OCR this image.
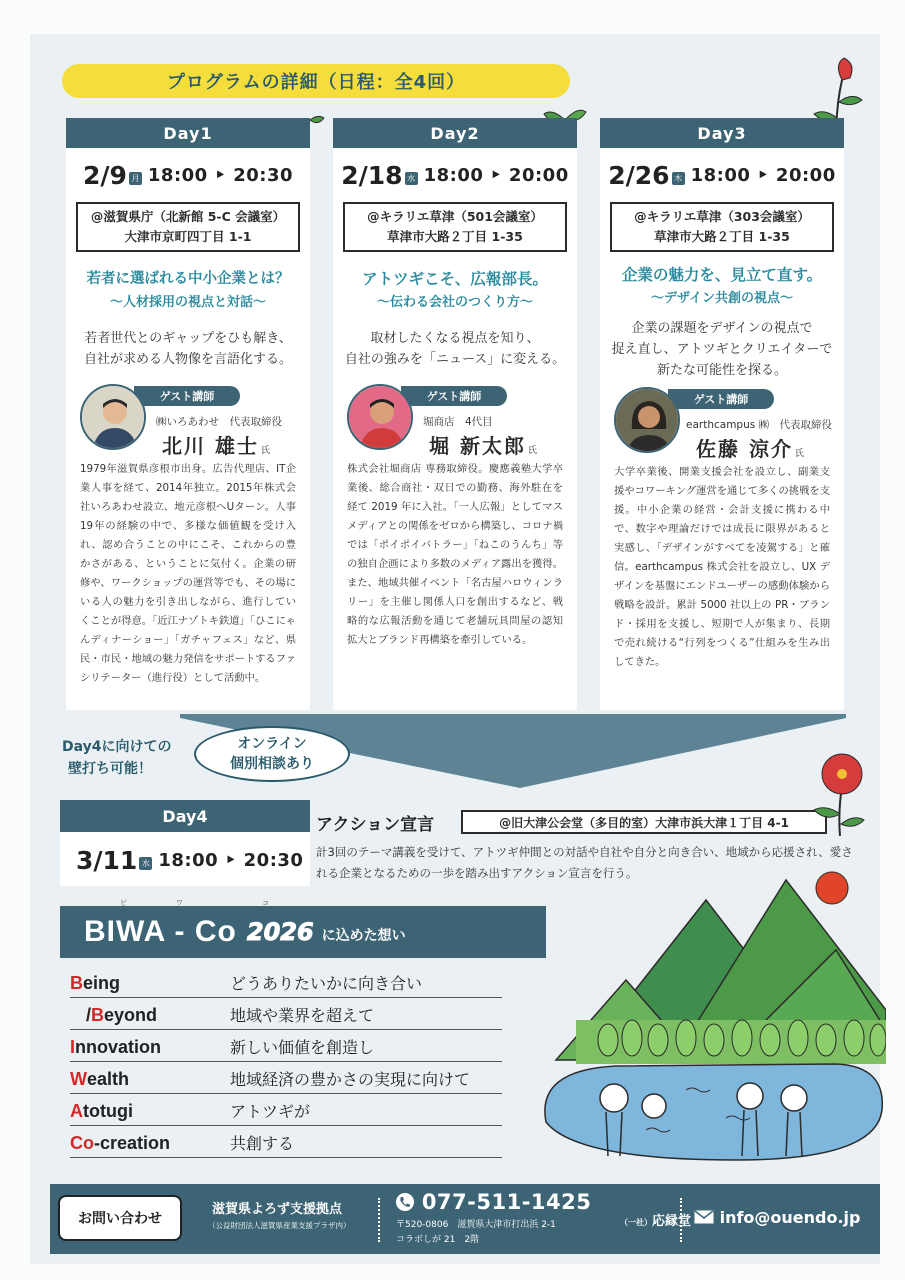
プログラムの詳細（日程：全4回）
Day1
2/9 月 18:00 ‣ 20:30
@滋賀県庁（北新館 5-C 会議室）
大津市京町四丁目 1-1
若者に選ばれる中小企業とは？
～人材採用の視点と対話～
若者世代とのギャップをひも解き、
自社が求める人物像を言語化する。
ゲスト講師
㈱いろあわせ　代表取締役
北川 雄士 氏
1979年滋賀県彦根市出身。広告代理店、IT企業人事を経て、2014年独立。2015年株式会社いろあわせ設立、地元彦根へUターン。人事19年の経験の中で、多様な価値観を受け入れ、認め合うことの中にこそ、これからの豊かさがある、ということに気付く。企業の研修や、ワークショップの運営等でも、その場にいる人の魅力を引き出しながら、進行していくことが得意。「近江ナゾトキ鉄道」「ひこにゃんディナーショー」「ガチャフェス」など、県民・市民・地域の魅力発信をサポートするファシリテーター（進行役）として活動中。
Day2
2/18 水 18:00 ‣ 20:00
@キラリエ草津（501会議室）
草津市大路２丁目 1-35
アトツギこそ、広報部長。
～伝わる会社のつくり方～
取材したくなる視点を知り、
自社の強みを「ニュース」に変える。
ゲスト講師
堀商店　4代目
堀 新太郎 氏
株式会社堀商店 専務取締役。慶應義塾大学卒業後、総合商社・双日での勤務、海外駐在を経て 2019 年に入社。「一人広報」としてマスメディアとの関係をゼロから構築し、コロナ禍では「ポイポイバトラー」「ねこのうんち」等の独自企画により多数のメディア露出を獲得。また、地域共催イベント「名古屋ハロウィンラリー」を主催し関係人口を創出するなど、戦略的な広報活動を通じて老舗玩具問屋の認知拡大とブランド再構築を牽引している。
Day3
2/26 木 18:00 ‣ 20:00
@キラリエ草津（303会議室）
草津市大路２丁目 1-35
企業の魅力を、見立て直す。
～デザイン共創の視点～
企業の課題をデザインの視点で
捉え直し、アトツギとクリエイターで
新たな可能性を探る。
ゲスト講師
earthcampus ㈱　代表取締役
佐藤 涼介 氏
大学卒業後、開業支援会社を設立し、副業支援やコワーキング運営を通じて多くの挑戦を支援。中小企業の経営・会計支援に携わる中で、数字や理論だけでは成長に限界があると実感し、「デザインがすべてを凌駕する」と確信。earthcampus 株式会社を設立し、UX デザインを基盤にエンドユーザーの感動体験から戦略を設計。累計 5000 社以上の PR・ブランド・採用を支援し、短期で人が集まり、長期で売れ続ける“行列をつくる”仕組みを生み出してきた。
Day4に向けての
壁打ち可能！
オンライン
個別相談あり
Day4
3/11 水 18:00 ‣ 20:30
アクション宣言	@旧大津公会堂（多目的室）大津市浜大津１丁目 4-1
計3回のテーマ講義を受けて、アトツギ仲間との対話や自社や自分と向き合い、地域から応援され、愛される企業となるための一歩を踏み出すアクション宣言を行う。
BIWA - Co 2026 に込めた想い
ビ	ワ	コ
Being	どうありたいかに向き合い
/Beyond	地域や業界を超えて
Innovation	新しい価値を創造し
Wealth	地域経済の豊かさの実現に向けて
Atotugi	アトツギが
Co-creation	共創する
お問い合わせ
滋賀県よろず支援拠点
（公益財団法人滋賀県産業支援プラザ内）
077-511-1425
〒520-0806　滋賀県大津市打出浜 2-1
コラボしが 21　2階
（一社）応縁堂	info@ouendo.jp
